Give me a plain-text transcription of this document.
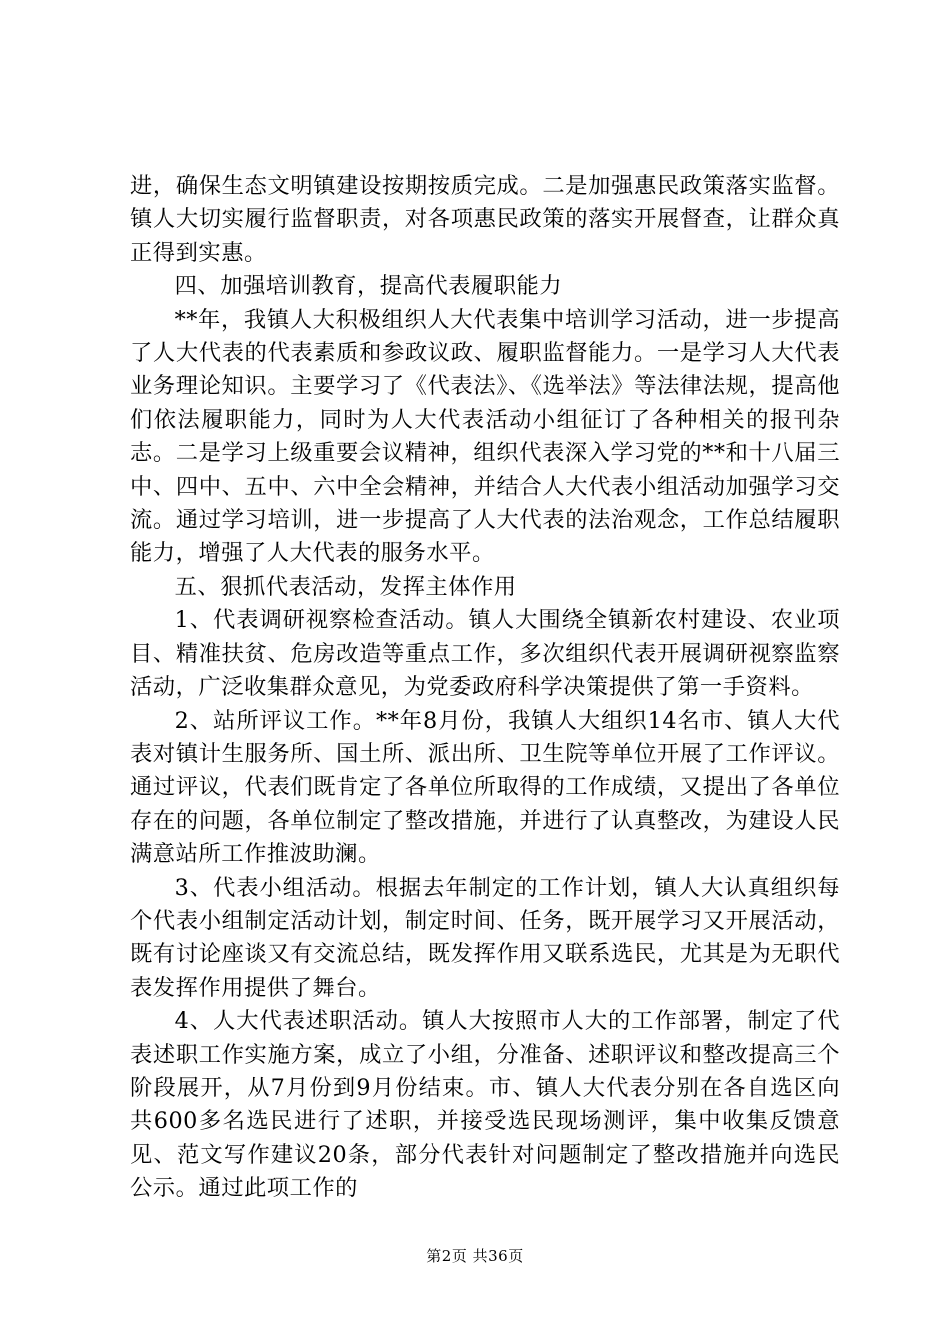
进，确保生态文明镇建设按期按质完成。二是加强惠民政策落实监督。镇人大切实履行监督职责，对各项惠民政策的落实开展督查，让群众真正得到实惠。

四、加强培训教育，提高代表履职能力

**年，我镇人大积极组织人大代表集中培训学习活动，进一步提高了人大代表的代表素质和参政议政、履职监督能力。一是学习人大代表业务理论知识。主要学习了《代表法》、《选举法》等法律法规，提高他们依法履职能力，同时为人大代表活动小组征订了各种相关的报刊杂志。二是学习上级重要会议精神，组织代表深入学习党的**和十八届三中、四中、五中、六中全会精神，并结合人大代表小组活动加强学习交流。通过学习培训，进一步提高了人大代表的法治观念，工作总结履职能力，增强了人大代表的服务水平。

五、狠抓代表活动，发挥主体作用

1、代表调研视察检查活动。镇人大围绕全镇新农村建设、农业项目、精准扶贫、危房改造等重点工作，多次组织代表开展调研视察监察活动，广泛收集群众意见，为党委政府科学决策提供了第一手资料。

2、站所评议工作。**年8月份，我镇人大组织14名市、镇人大代表对镇计生服务所、国土所、派出所、卫生院等单位开展了工作评议。通过评议，代表们既肯定了各单位所取得的工作成绩，又提出了各单位存在的问题，各单位制定了整改措施，并进行了认真整改，为建设人民满意站所工作推波助澜。

3、代表小组活动。根据去年制定的工作计划，镇人大认真组织每个代表小组制定活动计划，制定时间、任务，既开展学习又开展活动，既有讨论座谈又有交流总结，既发挥作用又联系选民，尤其是为无职代表发挥作用提供了舞台。

4、人大代表述职活动。镇人大按照市人大的工作部署，制定了代表述职工作实施方案，成立了小组，分准备、述职评议和整改提高三个阶段展开，从7月份到9月份结束。市、镇人大代表分别在各自选区向共600多名选民进行了述职，并接受选民现场测评，集中收集反馈意见、范文写作建议20条，部分代表针对问题制定了整改措施并向选民公示。通过此项工作的

第2页 共36页
